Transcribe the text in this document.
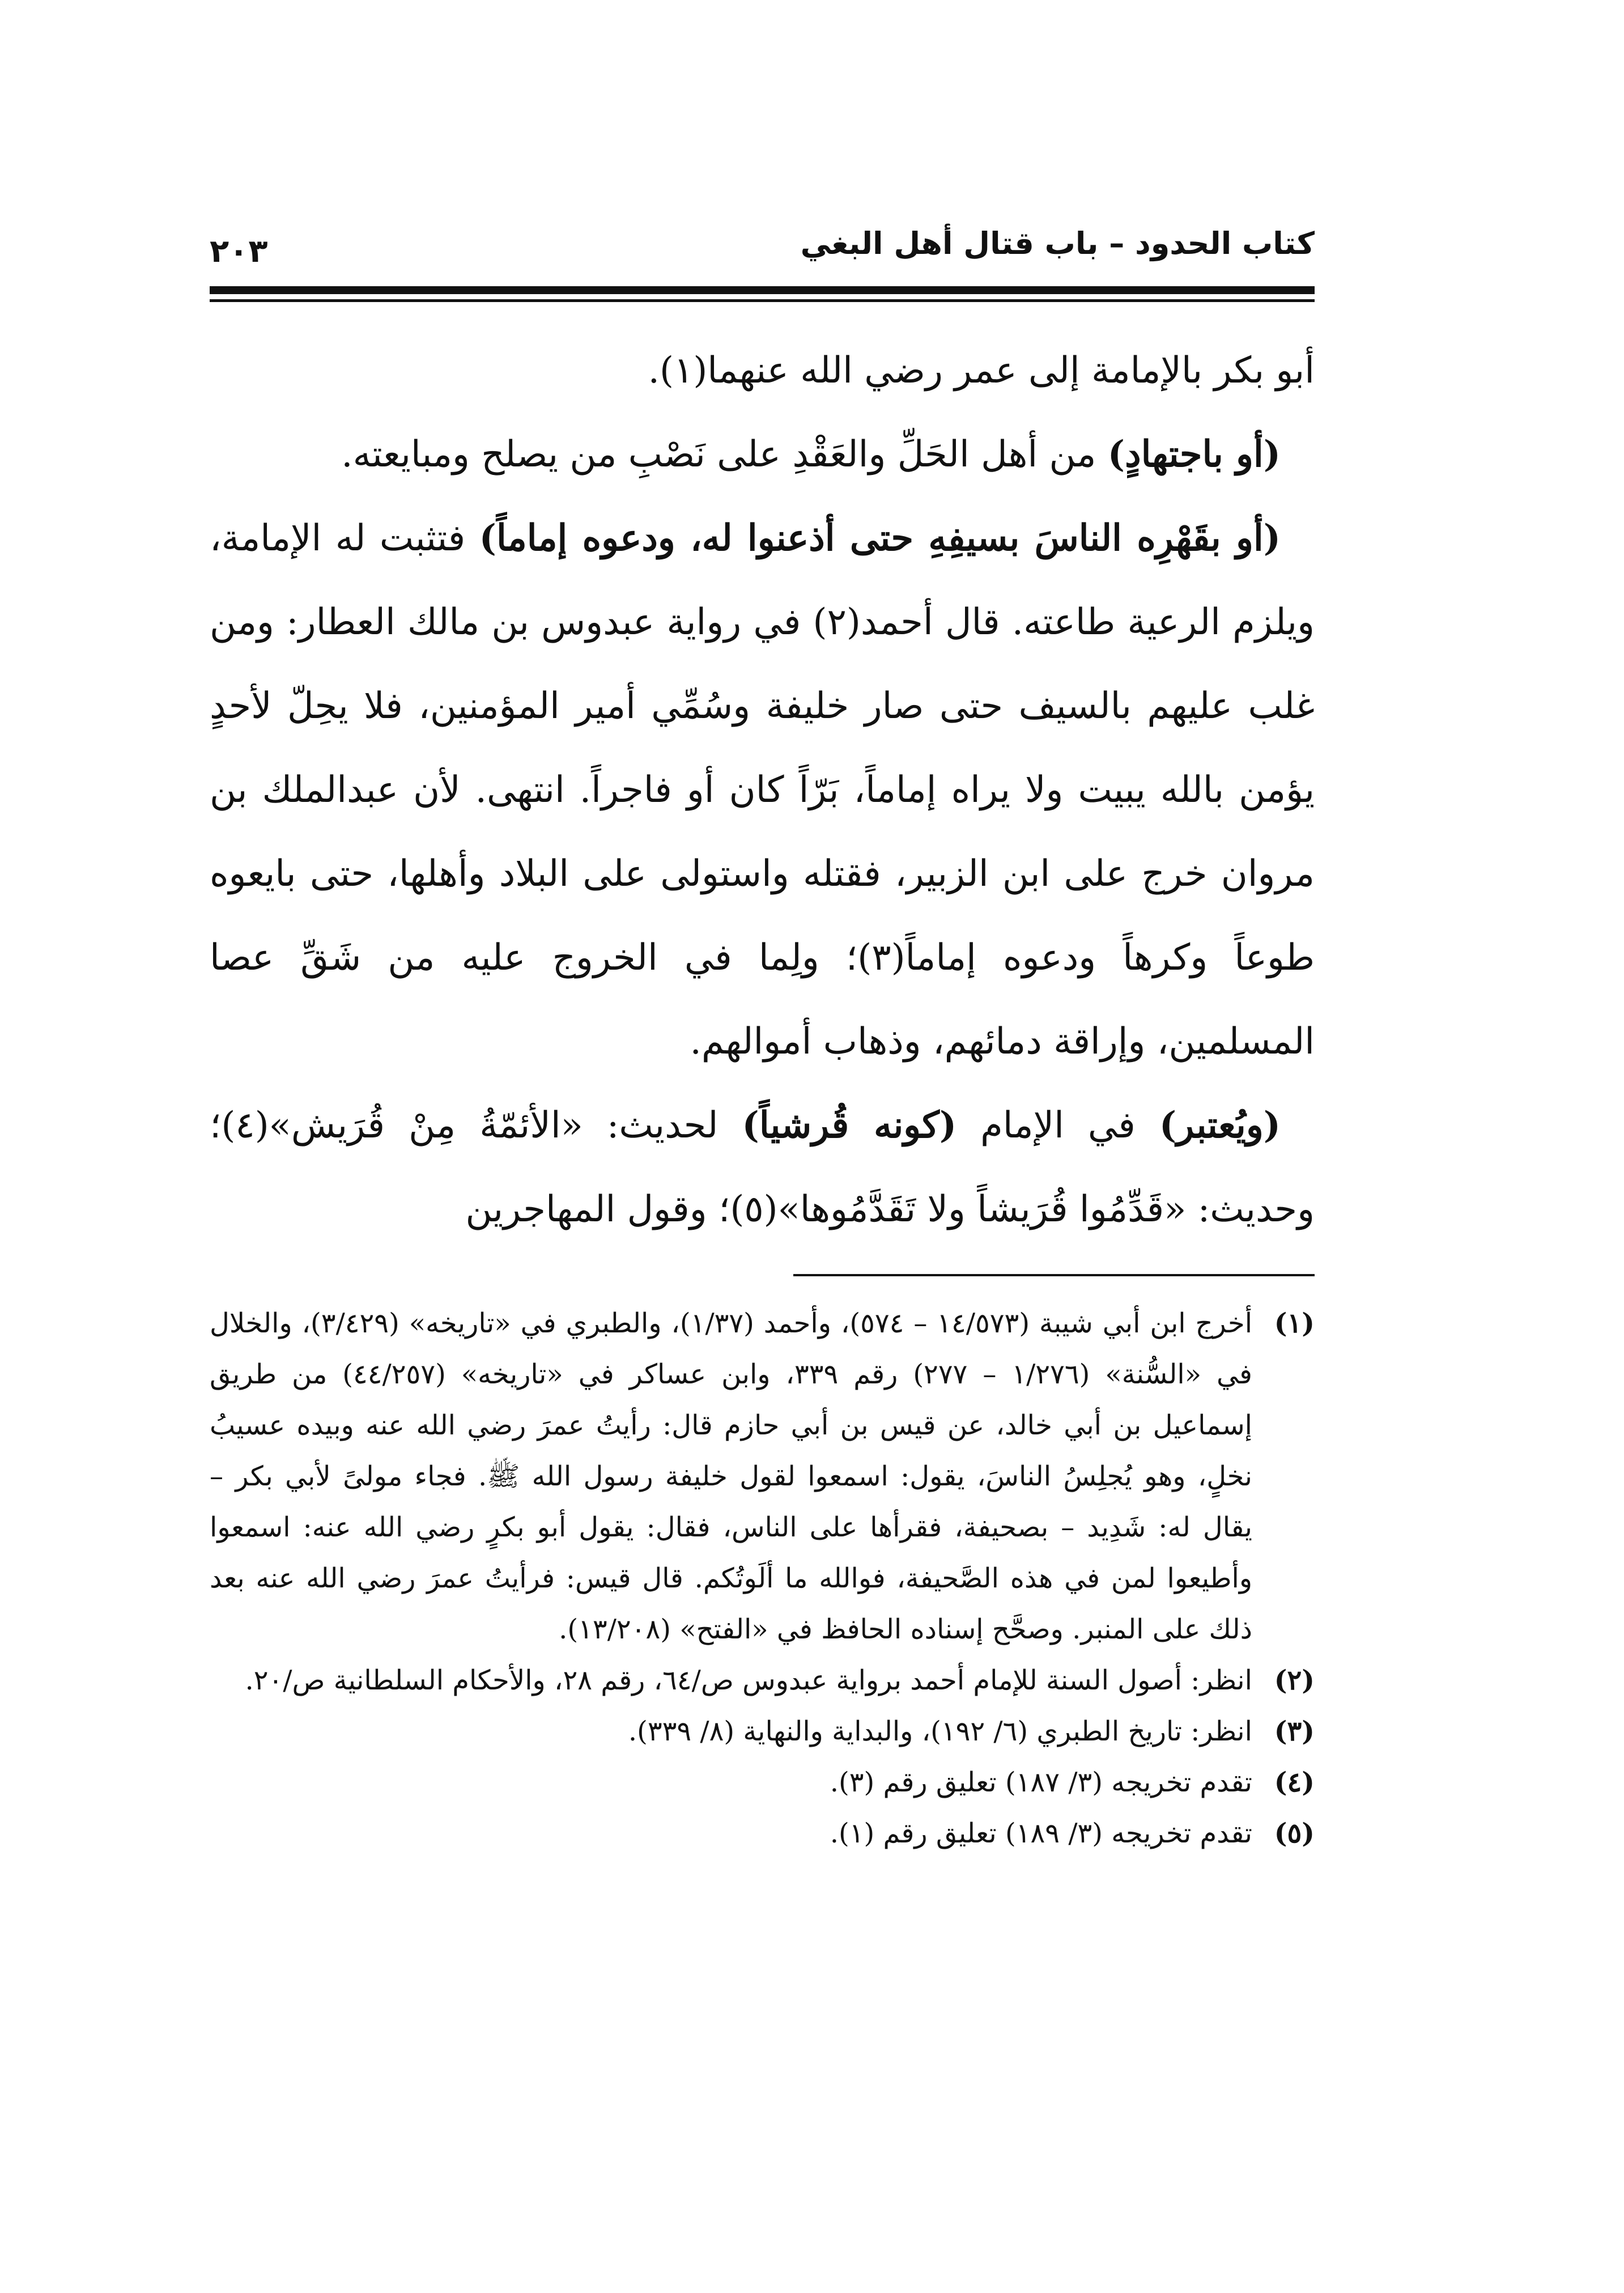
كتاب الحدود – باب قتال أهل البغي
٢٠٣

أبو بكر بالإمامة إلى عمر رضي الله عنهما(١).

(أو باجتهادٍ) من أهل الحَلِّ والعَقْدِ على نَصْبِ من يصلح ومبايعته.

(أو بقَهْرِه الناسَ بسيفِهِ حتى أذعنوا له، ودعوه إماماً) فتثبت له الإمامة، ويلزم الرعية طاعته. قال أحمد(٢) في رواية عبدوس بن مالك العطار: ومن غلب عليهم بالسيف حتى صار خليفة وسُمِّي أمير المؤمنين، فلا يحِلّ لأحدٍ يؤمن بالله يبيت ولا يراه إماماً، بَرّاً كان أو فاجراً. انتهى. لأن عبدالملك بن مروان خرج على ابن الزبير، فقتله واستولى على البلاد وأهلها، حتى بايعوه طوعاً وكرهاً ودعوه إماماً(٣)؛ ولِما في الخروج عليه من شَقِّ عصا المسلمين، وإراقة دمائهم، وذهاب أموالهم.

(ويُعتبر) في الإمام (كونه قُرشياً) لحديث: «الأئمّةُ مِنْ قُرَيش»(٤)؛ وحديث: «قَدِّمُوا قُرَيشاً ولا تَقَدَّمُوها»(٥)؛ وقول المهاجرين

(١)
أخرج ابن أبي شيبة (١٤/٥٧٣ – ٥٧٤)، وأحمد (١/٣٧)، والطبري في «تاريخه» (٣/٤٢٩)، والخلال في «السُّنة» (١/٢٧٦ – ٢٧٧) رقم ٣٣٩، وابن عساكر في «تاريخه» (٤٤/٢٥٧) من طريق إسماعيل بن أبي خالد، عن قيس بن أبي حازم قال: رأيتُ عمرَ رضي الله عنه وبيده عسيبُ نخلٍ، وهو يُجلِسُ الناسَ، يقول: اسمعوا لقول خليفة رسول الله ﷺ. فجاء مولىً لأبي بكر – يقال له: شَدِيد – بصحيفة، فقرأها على الناس، فقال: يقول أبو بكرٍ رضي الله عنه: اسمعوا وأطيعوا لمن في هذه الصَّحيفة، فوالله ما ألَوتُكم. قال قيس: فرأيتُ عمرَ رضي الله عنه بعد ذلك على المنبر. وصحَّح إسناده الحافظ في «الفتح» (١٣/٢٠٨).

(٢)
انظر: أصول السنة للإمام أحمد برواية عبدوس ص/٦٤، رقم ٢٨، والأحكام السلطانية ص/٢٠.

(٣)
انظر: تاريخ الطبري (٦/ ١٩٢)، والبداية والنهاية (٨/ ٣٣٩).

(٤)
تقدم تخريجه (٣/ ١٨٧) تعليق رقم (٣).

(٥)
تقدم تخريجه (٣/ ١٨٩) تعليق رقم (١).
